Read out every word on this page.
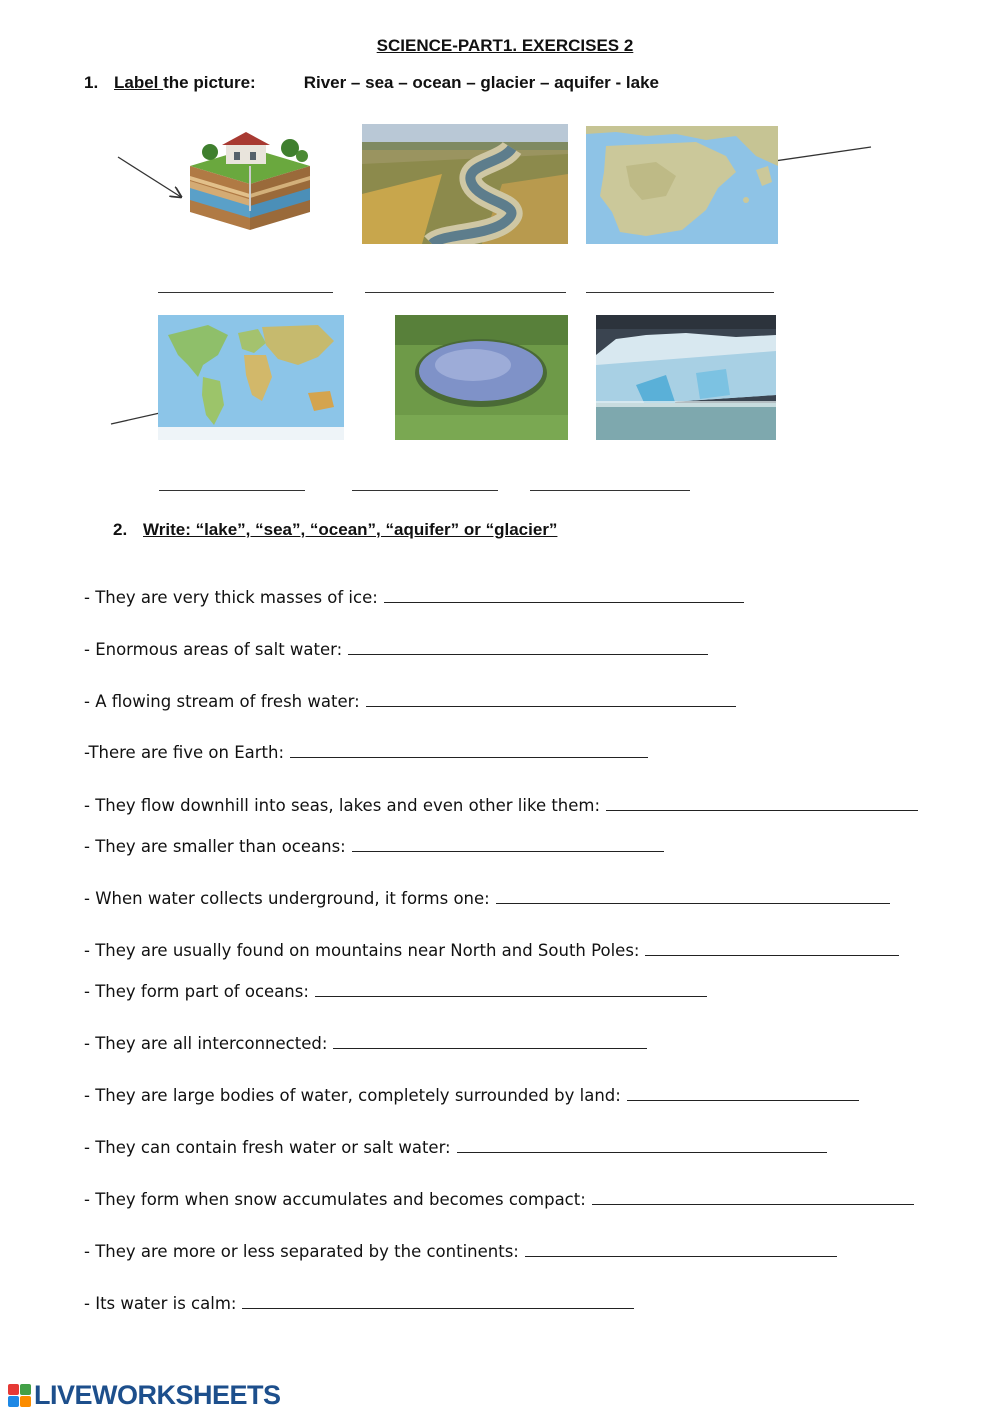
SCIENCE-PART1. EXERCISES 2
1. Label the picture:	River – sea – ocean – glacier – aquifer - lake
2. Write: “lake”, “sea”, “ocean”, “aquifer” or “glacier”
- They are very thick masses of ice:
- Enormous areas of salt water:
- A flowing stream of fresh water:
-There are five on Earth:
- They flow downhill into seas, lakes and even other like them:
- They are smaller than oceans:
- When water collects underground, it forms one:
- They are usually found on mountains near North and South Poles:
- They form part of oceans:
- They are all interconnected:
- They are large bodies of water, completely surrounded by land:
- They can contain fresh water or salt water:
- They form when snow accumulates and becomes compact:
- They are more or less separated by the continents:
- Its water is calm:
LIVEWORKSHEETS
